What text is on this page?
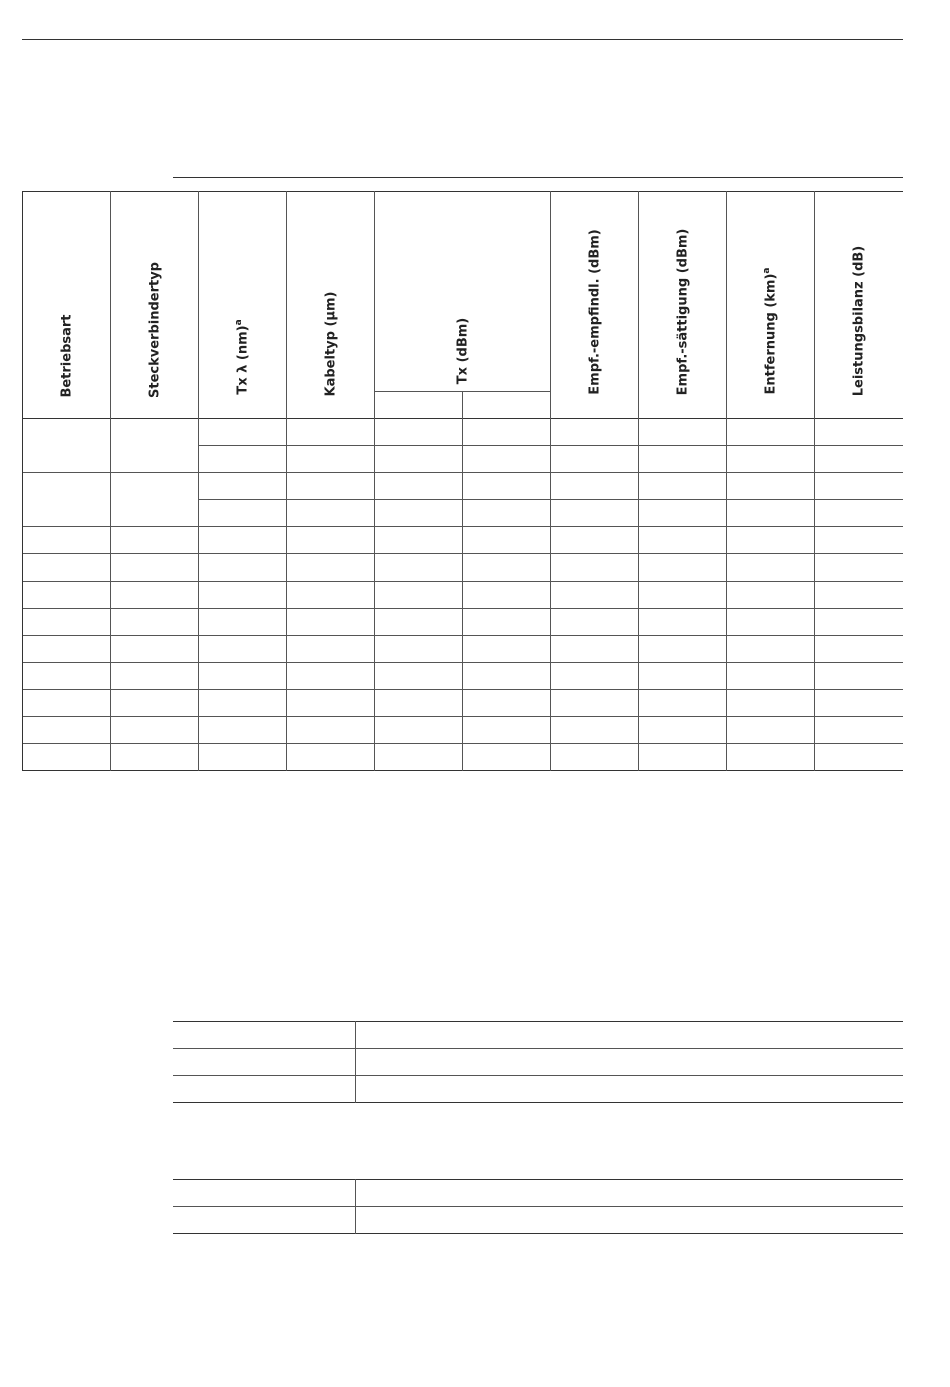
Betriebsart	Steckverbindertyp	Tx λ (nm)$^a$	Kabeltyp (µm)	Tx (dBm)	Empf.-empfindl. (dBm)	Empf.-sättigung (dBm)	Entfernung (km)$^a$	Leistungsbilanz (dB)
